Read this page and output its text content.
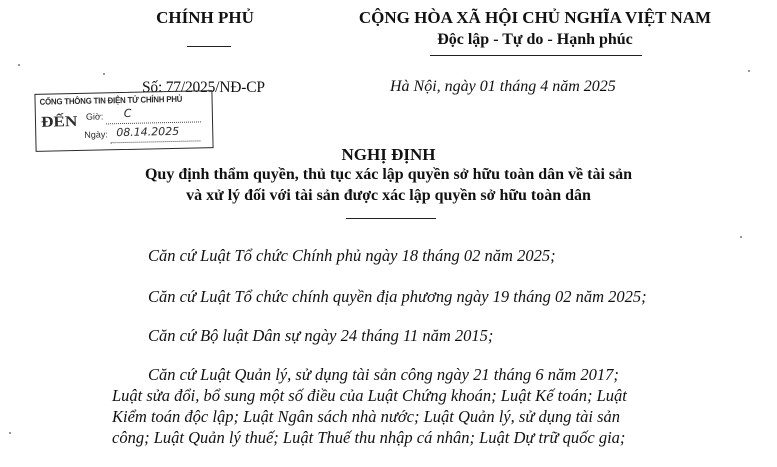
CHÍNH PHỦ	CỘNG HÒA XÃ HỘI CHỦ NGHĨA VIỆT NAM
Độc lập - Tự do - Hạnh phúc
Số: 77/2025/NĐ-CP	Hà Nội, ngày 01 tháng 4 năm 2025
CỔNG THÔNG TIN ĐIỆN TỬ CHÍNH PHỦ
ĐẾN Giờ: C
Ngày: 08.14.2025
NGHỊ ĐỊNH
Quy định thẩm quyền, thủ tục xác lập quyền sở hữu toàn dân về tài sản
và xử lý đối với tài sản được xác lập quyền sở hữu toàn dân
Căn cứ Luật Tổ chức Chính phủ ngày 18 tháng 02 năm 2025;
Căn cứ Luật Tổ chức chính quyền địa phương ngày 19 tháng 02 năm 2025;
Căn cứ Bộ luật Dân sự ngày 24 tháng 11 năm 2015;
Căn cứ Luật Quản lý, sử dụng tài sản công ngày 21 tháng 6 năm 2017;
Luật sửa đổi, bổ sung một số điều của Luật Chứng khoán; Luật Kế toán; Luật
Kiểm toán độc lập; Luật Ngân sách nhà nước; Luật Quản lý, sử dụng tài sản
công; Luật Quản lý thuế; Luật Thuế thu nhập cá nhân; Luật Dự trữ quốc gia;
